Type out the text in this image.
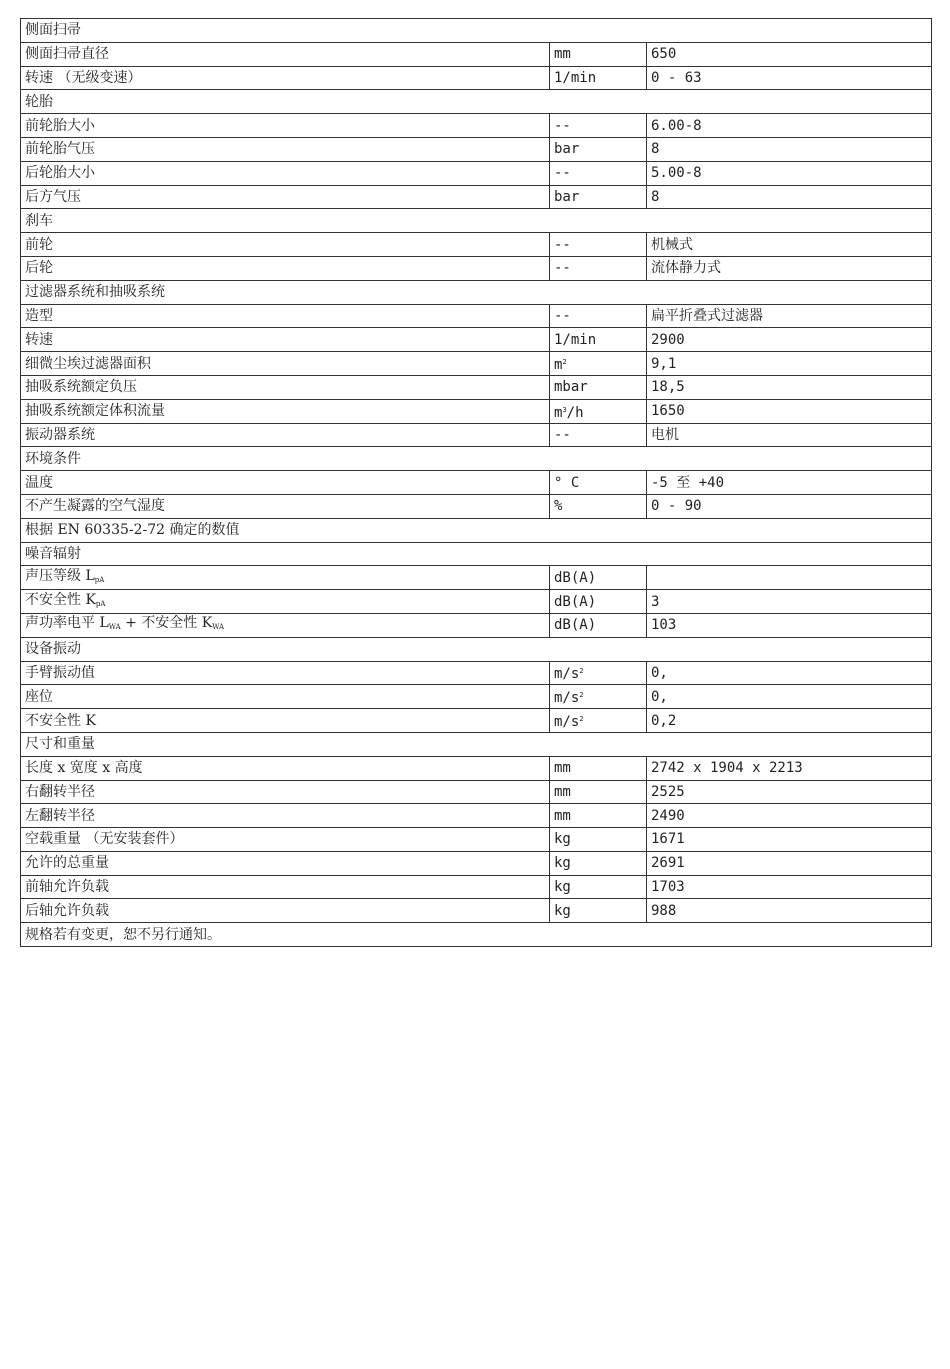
侧面扫帚		
侧面扫帚直径	mm	650
转速 （无级变速）	1/min	0 - 63
轮胎		
前轮胎大小	--	6.00-8
前轮胎气压	bar	8
后轮胎大小	--	5.00-8
后方气压	bar	8
刹车		
前轮	--	机械式
后轮	--	流体静力式
过滤器系统和抽吸系统		
造型	--	扁平折叠式过滤器
转速	1/min	2900
细微尘埃过滤器面积	$m^2$	9,1
抽吸系统额定负压	mbar	18,5
抽吸系统额定体积流量	$m^3/h$	1650
振动器系统	--	电机
环境条件		
温度	° C	-5 至 +40
不产生凝露的空气湿度	%	0 - 90
根据 EN 60335-2-72 确定的数值		
噪音辐射		
声压等级 $L_{pA}$	dB(A)	
不安全性 $K_{pA}$	dB(A)	3
声功率电平 $L_{WA}$ + 不安全性 $K_{WA}$	dB(A)	103
设备振动		
手臂振动值	$m/s^2$	0,
座位	$m/s^2$	0,
不安全性 K	$m/s^2$	0,2
尺寸和重量		
长度 x 宽度 x 高度	mm	2742 x 1904 x 2213
右翻转半径	mm	2525
左翻转半径	mm	2490
空载重量 （无安装套件）	kg	1671
允许的总重量	kg	2691
前轴允许负载	kg	1703
后轴允许负载	kg	988
规格若有变更，恕不另行通知。		
